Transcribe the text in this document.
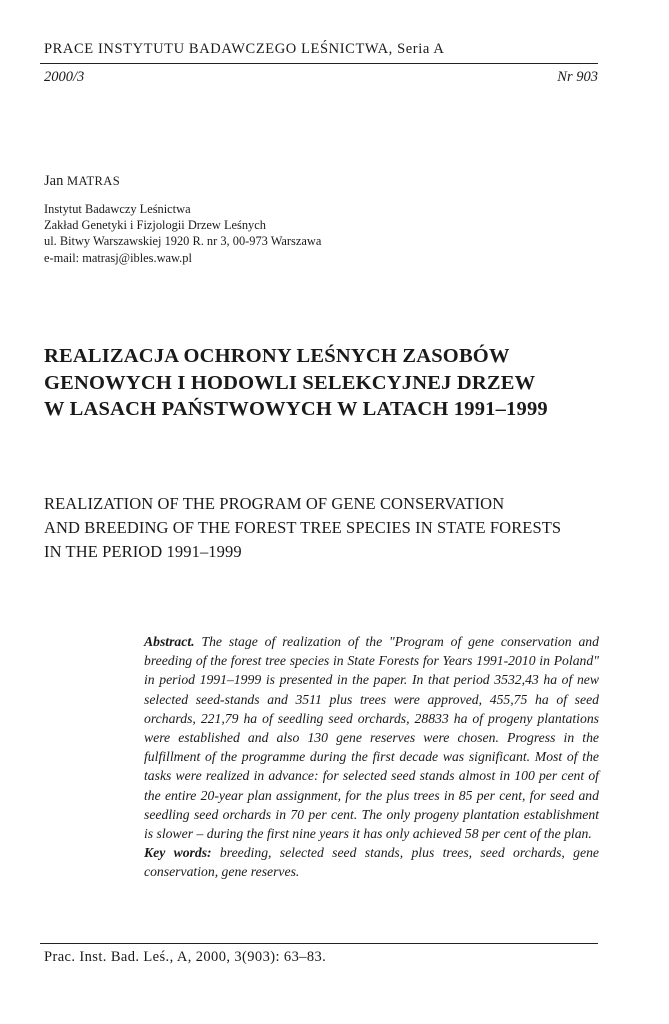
PRACE INSTYTUTU BADAWCZEGO LEŚNICTWA, Seria A
2000/3	Nr 903
Jan MATRAS
Instytut Badawczy Leśnictwa
Zakład Genetyki i Fizjologii Drzew Leśnych
ul. Bitwy Warszawskiej 1920 R. nr 3, 00-973 Warszawa
e-mail: matrasj@ibles.waw.pl
REALIZACJA OCHRONY LEŚNYCH ZASOBÓW
GENOWYCH I HODOWLI SELEKCYJNEJ DRZEW
W LASACH PAŃSTWOWYCH W LATACH 1991–1999
REALIZATION OF THE PROGRAM OF GENE CONSERVATION
AND BREEDING OF THE FOREST TREE SPECIES IN STATE FORESTS
IN THE PERIOD 1991–1999

Abstract. The stage of realization of the "Program of gene conservation and breeding of the forest tree species in State Forests for Years 1991-2010 in Poland" in period 1991–1999 is presented in the paper. In that period 3532,43 ha of new selected seed-stands and 3511 plus trees were approved, 455,75 ha of seed orchards, 221,79 ha of seedling seed orchards, 28833 ha of progeny plantations were established and also 130 gene reserves were chosen. Progress in the fulfillment of the programme during the first decade was significant. Most of the tasks were realized in advance: for selected seed stands almost in 100 per cent of the entire 20-year plan assignment, for the plus trees in 85 per cent, for seed and seedling seed orchards in 70 per cent. The only progeny plantation establishment is slower – during the first nine years it has only achieved 58 per cent of the plan.

Key words: breeding, selected seed stands, plus trees, seed orchards, gene conservation, gene reserves.

Prac. Inst. Bad. Leś., A, 2000, 3(903): 63–83.
